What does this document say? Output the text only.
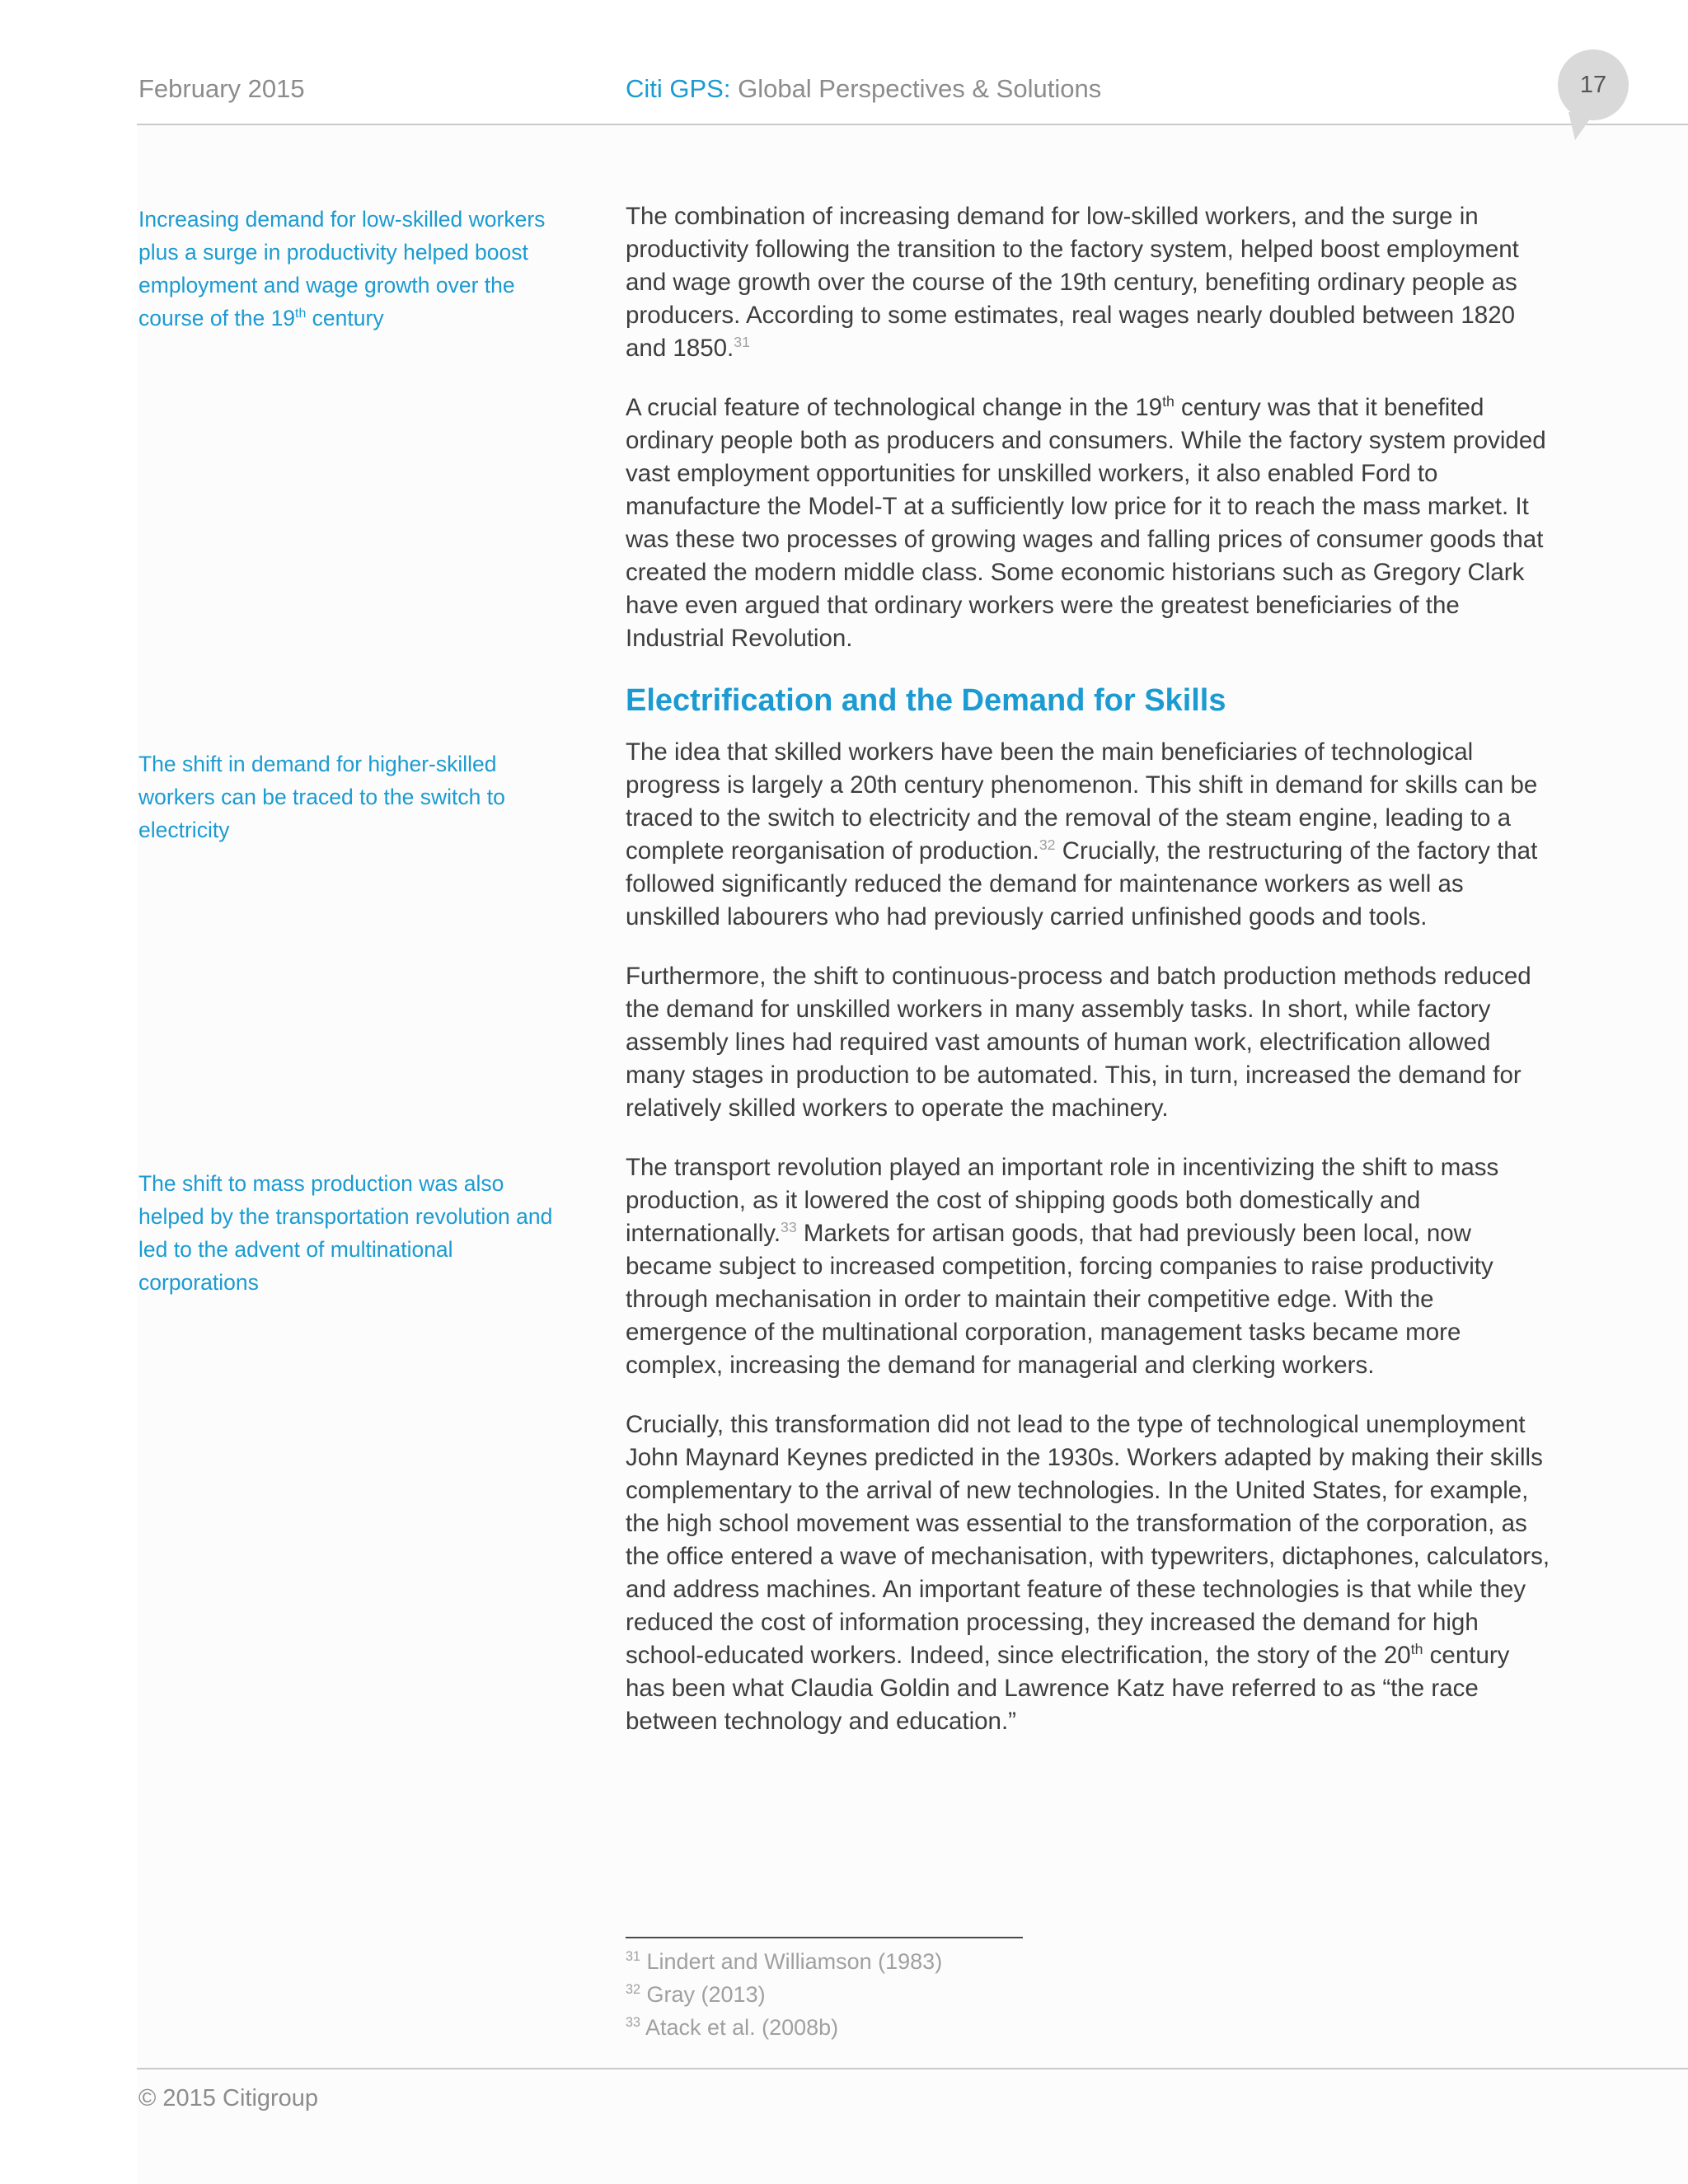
February 2015	Citi GPS: Global Perspectives & Solutions	17
Increasing demand for low-skilled workers plus a surge in productivity helped boost employment and wage growth over the course of the 19th century
The shift in demand for higher-skilled workers can be traced to the switch to electricity
The shift to mass production was also helped by the transportation revolution and led to the advent of multinational corporations

The combination of increasing demand for low-skilled workers, and the surge in productivity following the transition to the factory system, helped boost employment and wage growth over the course of the 19th century, benefiting ordinary people as producers. According to some estimates, real wages nearly doubled between 1820 and 1850.31

A crucial feature of technological change in the 19th century was that it benefited ordinary people both as producers and consumers. While the factory system provided vast employment opportunities for unskilled workers, it also enabled Ford to manufacture the Model-T at a sufficiently low price for it to reach the mass market. It was these two processes of growing wages and falling prices of consumer goods that created the modern middle class. Some economic historians such as Gregory Clark have even argued that ordinary workers were the greatest beneficiaries of the Industrial Revolution.

Electrification and the Demand for Skills

The idea that skilled workers have been the main beneficiaries of technological progress is largely a 20th century phenomenon. This shift in demand for skills can be traced to the switch to electricity and the removal of the steam engine, leading to a complete reorganisation of production.$^{32}$ Crucially, the restructuring of the factory that followed significantly reduced the demand for maintenance workers as well as unskilled labourers who had previously carried unfinished goods and tools.

Furthermore, the shift to continuous-process and batch production methods reduced the demand for unskilled workers in many assembly tasks. In short, while factory assembly lines had required vast amounts of human work, electrification allowed many stages in production to be automated. This, in turn, increased the demand for relatively skilled workers to operate the machinery.

The transport revolution played an important role in incentivizing the shift to mass production, as it lowered the cost of shipping goods both domestically and internationally.$^{33}$ Markets for artisan goods, that had previously been local, now became subject to increased competition, forcing companies to raise productivity through mechanisation in order to maintain their competitive edge. With the emergence of the multinational corporation, management tasks became more complex, increasing the demand for managerial and clerking workers.

Crucially, this transformation did not lead to the type of technological unemployment John Maynard Keynes predicted in the 1930s. Workers adapted by making their skills complementary to the arrival of new technologies. In the United States, for example, the high school movement was essential to the transformation of the corporation, as the office entered a wave of mechanisation, with typewriters, dictaphones, calculators, and address machines. An important feature of these technologies is that while they reduced the cost of information processing, they increased the demand for high school-educated workers. Indeed, since electrification, the story of the 20th century has been what Claudia Goldin and Lawrence Katz have referred to as “the race between technology and education.”

$^{31}$ Lindert and Williamson (1983)
$^{32}$ Gray (2013)
$^{33}$ Atack et al. (2008b)
© 2015 Citigroup
